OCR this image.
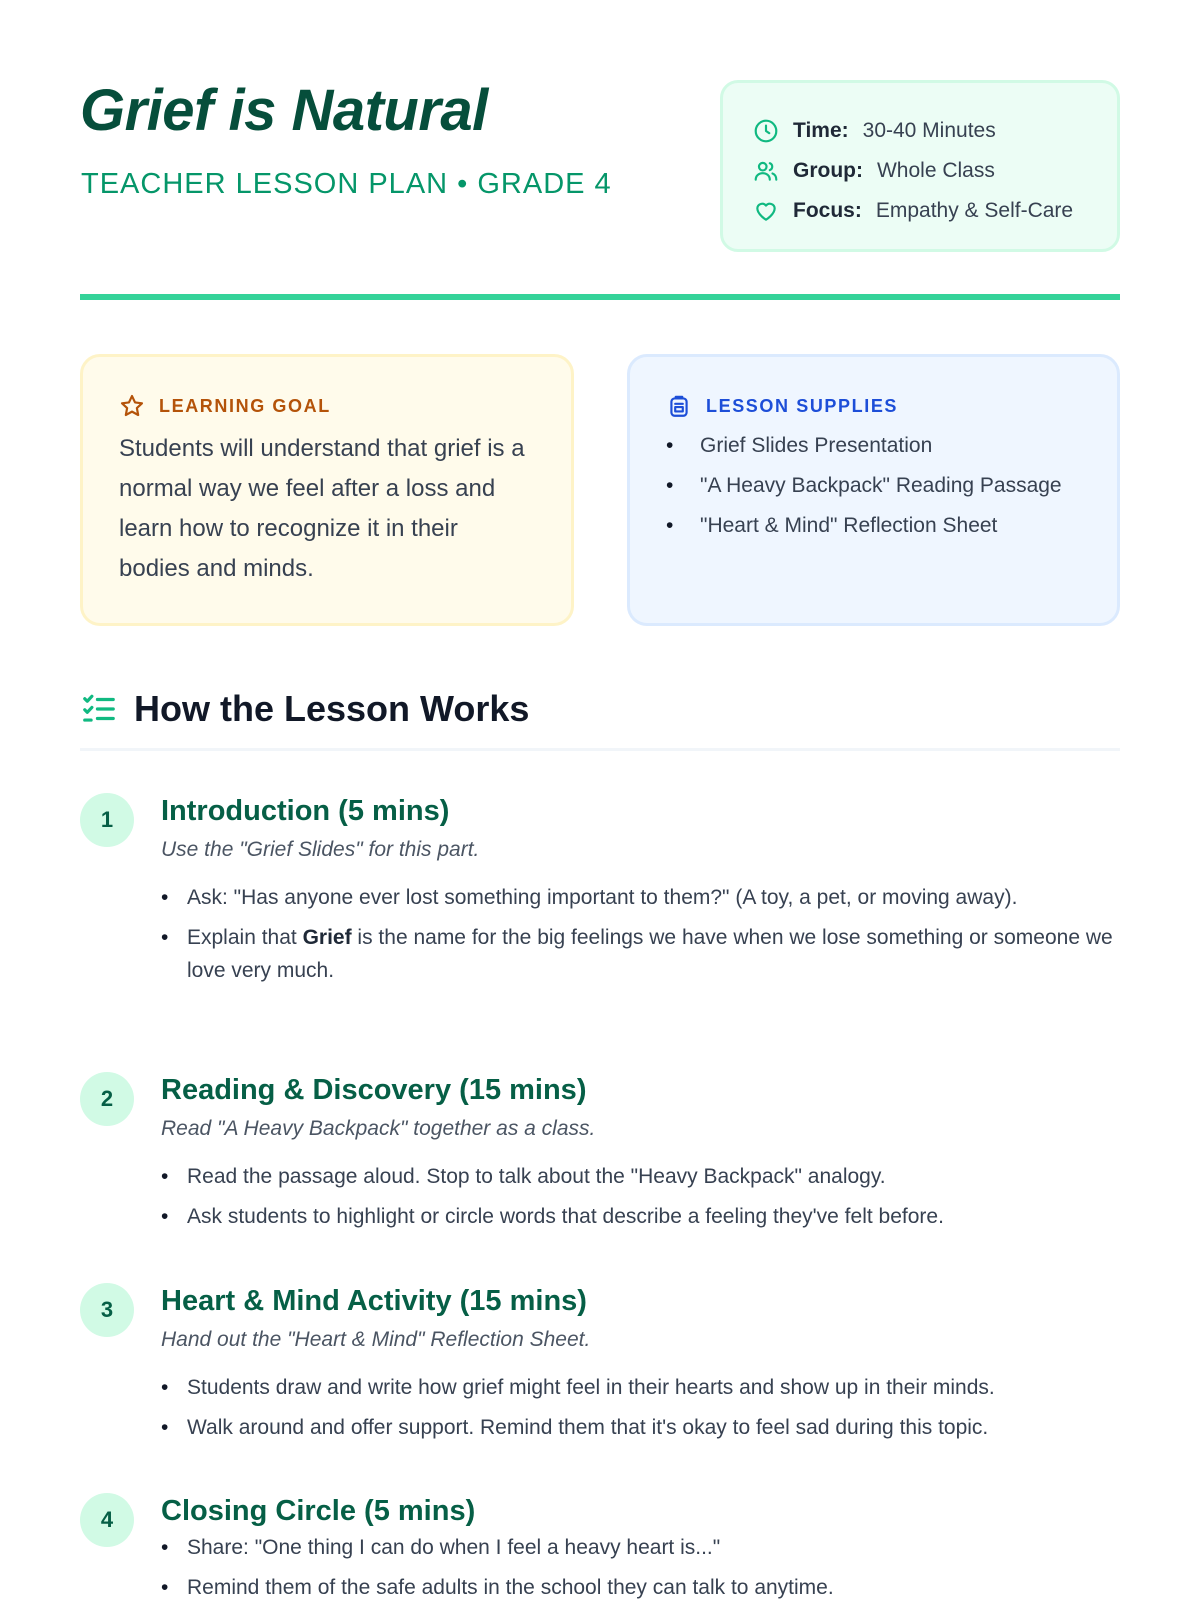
Grief is Natural
TEACHER LESSON PLAN • GRADE 4
Time: 30-40 Minutes
Group: Whole Class
Focus: Empathy & Self-Care
LEARNING GOAL

Students will understand that grief is a normal way we feel after a loss and learn how to recognize it in their bodies and minds.

LESSON SUPPLIES
• Grief Slides Presentation
• "A Heavy Backpack" Reading Passage
• "Heart & Mind" Reflection Sheet
How the Lesson Works
1	Introduction (5 mins)
Use the "Grief Slides" for this part.
• Ask: "Has anyone ever lost something important to them?" (A toy, a pet, or moving away).
• Explain that Grief is the name for the big feelings we have when we lose something or someone we love very much.
2	Reading & Discovery (15 mins)
Read "A Heavy Backpack" together as a class.
• Read the passage aloud. Stop to talk about the "Heavy Backpack" analogy.
• Ask students to highlight or circle words that describe a feeling they've felt before.
3	Heart & Mind Activity (15 mins)
Hand out the "Heart & Mind" Reflection Sheet.
• Students draw and write how grief might feel in their hearts and show up in their minds.
• Walk around and offer support. Remind them that it's okay to feel sad during this topic.
4	Closing Circle (5 mins)
• Share: "One thing I can do when I feel a heavy heart is..."
• Remind them of the safe adults in the school they can talk to anytime.
